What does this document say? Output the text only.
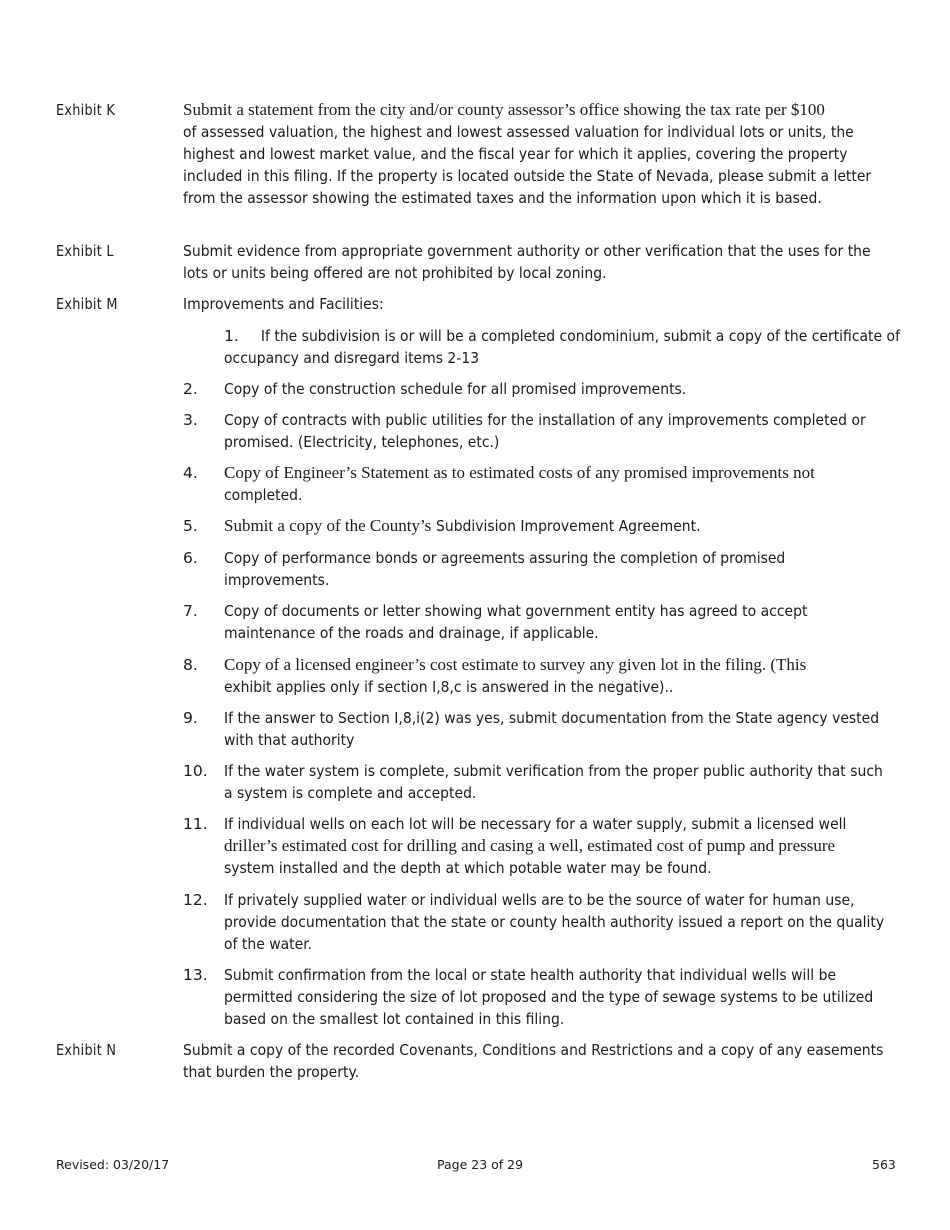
Exhibit K	Submit a statement from the city and/or county assessor’s office showing the tax rate per $100
of assessed valuation, the highest and lowest assessed valuation for individual lots or units, the highest and lowest market value, and the fiscal year for which it applies, covering the property included in this filing. If the property is located outside the State of Nevada, please submit a letter from the assessor showing the estimated taxes and the information upon which it is based.
Exhibit L	Submit evidence from appropriate government authority or other verification that the uses for the lots or units being offered are not prohibited by local zoning.
Exhibit M	Improvements and Facilities:
1. If the subdivision is or will be a completed condominium, submit a copy of the certificate of occupancy and disregard items 2-13
2. Copy of the construction schedule for all promised improvements.
3. Copy of contracts with public utilities for the installation of any improvements completed or promised. (Electricity, telephones, etc.)
4. Copy of Engineer’s Statement as to estimated costs of any promised improvements not
completed.
5. Submit a copy of the County’s Subdivision Improvement Agreement.
6. Copy of performance bonds or agreements assuring the completion of promised improvements.
7. Copy of documents or letter showing what government entity has agreed to accept maintenance of the roads and drainage, if applicable.
8. Copy of a licensed engineer’s cost estimate to survey any given lot in the filing. (This
exhibit applies only if section I,8,c is answered in the negative)..
9. If the answer to Section I,8,i(2) was yes, submit documentation from the State agency vested with that authority
10. If the water system is complete, submit verification from the proper public authority that such a system is complete and accepted.
11. If individual wells on each lot will be necessary for a water supply, submit a licensed well
driller’s estimated cost for drilling and casing a well, estimated cost of pump and pressure
system installed and the depth at which potable water may be found.
12. If privately supplied water or individual wells are to be the source of water for human use, provide documentation that the state or county health authority issued a report on the quality of the water.
13. Submit confirmation from the local or state health authority that individual wells will be permitted considering the size of lot proposed and the type of sewage systems to be utilized based on the smallest lot contained in this filing.
Exhibit N	Submit a copy of the recorded Covenants, Conditions and Restrictions and a copy of any easements that burden the property.
Revised: 03/20/17	Page 23 of 29	563
